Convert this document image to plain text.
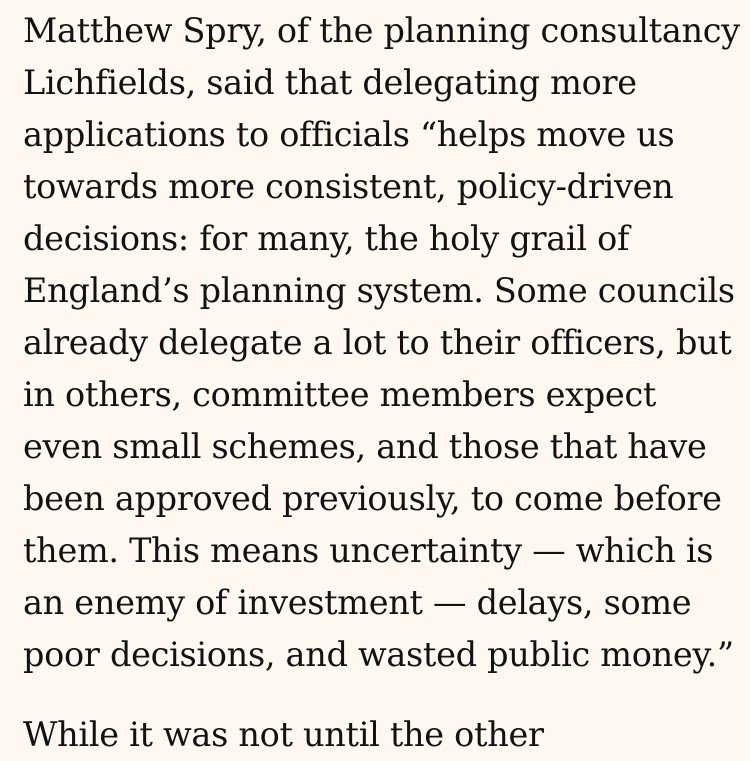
Matthew Spry, of the planning consultancy
Lichfields, said that delegating more
applications to officials “helps move us
towards more consistent, policy-driven
decisions: for many, the holy grail of
England’s planning system. Some councils
already delegate a lot to their officers, but
in others, committee members expect
even small schemes, and those that have
been approved previously, to come before
them. This means uncertainty — which is
an enemy of investment — delays, some
poor decisions, and wasted public money.”
While it was not until the other
